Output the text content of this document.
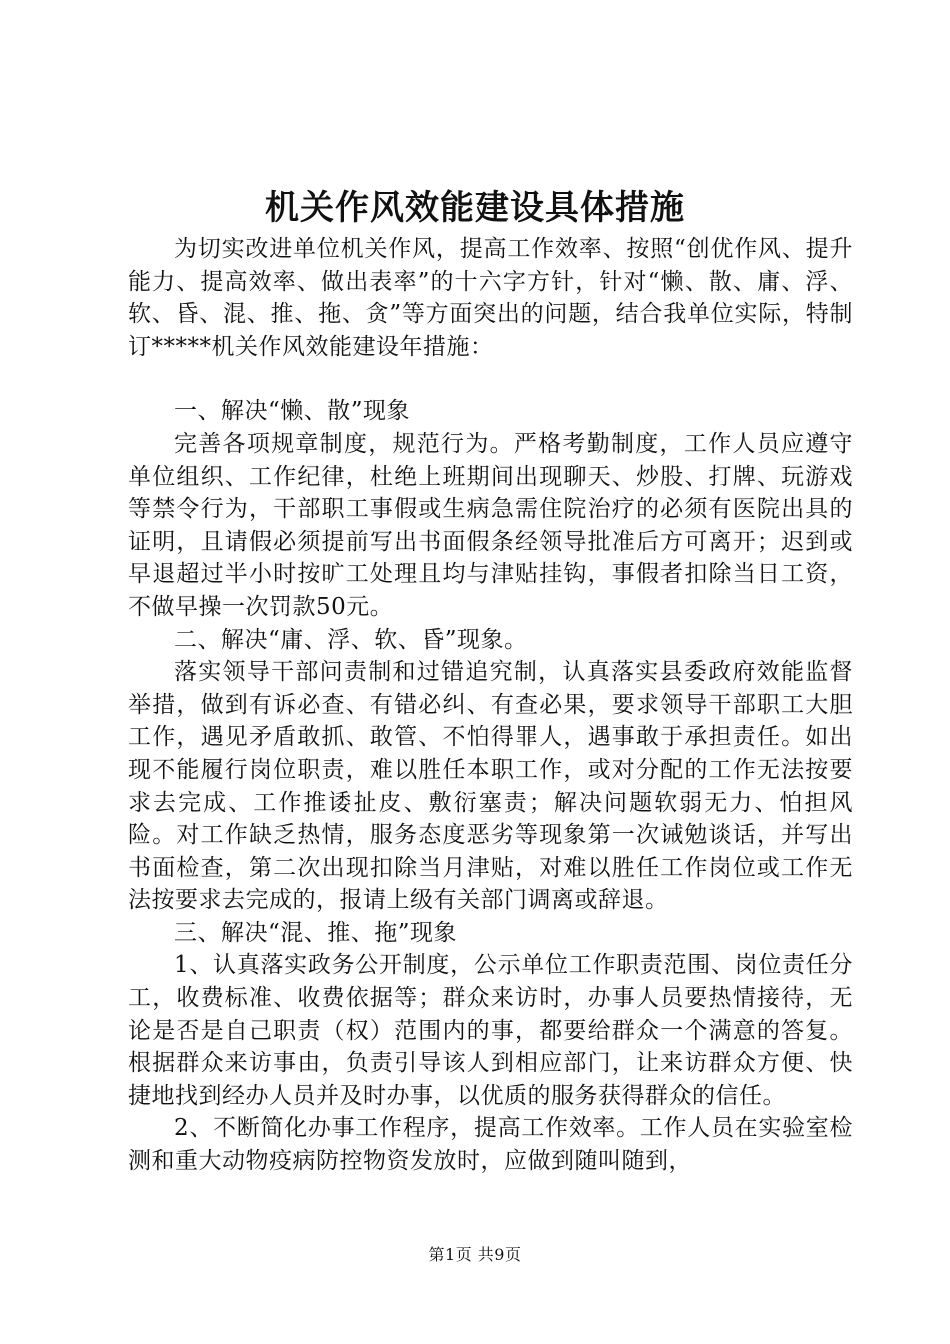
机关作风效能建设具体措施

为切实改进单位机关作风，提高工作效率、按照“创优作风、提升能力、提高效率、做出表率”的十六字方针，针对“懒、散、庸、浮、软、昏、混、推、拖、贪”等方面突出的问题，结合我单位实际，特制订*****机关作风效能建设年措施：

一、解决“懒、散”现象

完善各项规章制度，规范行为。严格考勤制度，工作人员应遵守单位组织、工作纪律，杜绝上班期间出现聊天、炒股、打牌、玩游戏等禁令行为，干部职工事假或生病急需住院治疗的必须有医院出具的证明，且请假必须提前写出书面假条经领导批准后方可离开；迟到或早退超过半小时按旷工处理且均与津贴挂钩，事假者扣除当日工资，不做早操一次罚款50元。

二、解决“庸、浮、软、昏”现象。

落实领导干部问责制和过错追究制，认真落实县委政府效能监督举措，做到有诉必查、有错必纠、有查必果，要求领导干部职工大胆工作，遇见矛盾敢抓、敢管、不怕得罪人，遇事敢于承担责任。如出现不能履行岗位职责，难以胜任本职工作，或对分配的工作无法按要求去完成、工作推诿扯皮、敷衍塞责；解决问题软弱无力、怕担风险。对工作缺乏热情，服务态度恶劣等现象第一次诫勉谈话，并写出书面检查，第二次出现扣除当月津贴，对难以胜任工作岗位或工作无法按要求去完成的，报请上级有关部门调离或辞退。

三、解决“混、推、拖”现象

1、认真落实政务公开制度，公示单位工作职责范围、岗位责任分工，收费标准、收费依据等；群众来访时，办事人员要热情接待，无论是否是自己职责（权）范围内的事，都要给群众一个满意的答复。根据群众来访事由，负责引导该人到相应部门，让来访群众方便、快捷地找到经办人员并及时办事，以优质的服务获得群众的信任。

2、不断简化办事工作程序，提高工作效率。工作人员在实验室检测和重大动物疫病防控物资发放时，应做到随叫随到，

第1页 共9页
